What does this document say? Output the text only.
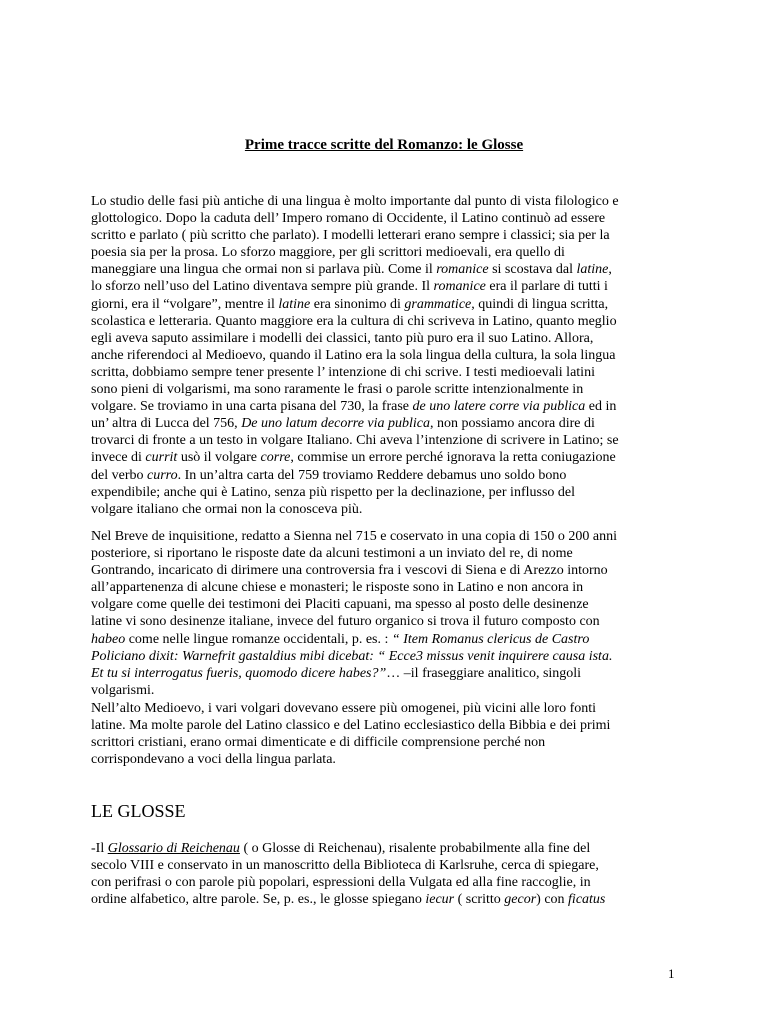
Prime tracce scritte del Romanzo: le Glosse
Lo studio delle fasi più antiche di una lingua è molto importante dal punto di vista filologico e
glottologico. Dopo la caduta dell’ Impero romano di Occidente, il Latino continuò ad essere
scritto e parlato ( più scritto che parlato). I modelli letterari erano sempre i classici; sia per la
poesia sia per la prosa. Lo sforzo maggiore, per gli scrittori medioevali, era quello di
maneggiare una lingua che ormai non si parlava più. Come il romanice si scostava dal latine,
lo sforzo nell’uso del Latino diventava sempre più grande. Il romanice era il parlare di tutti i
giorni, era il “volgare”, mentre il latine era sinonimo di grammatice, quindi di lingua scritta,
scolastica e letteraria. Quanto maggiore era la cultura di chi scriveva in Latino, quanto meglio
egli aveva saputo assimilare i modelli dei classici, tanto più puro era il suo Latino. Allora,
anche riferendoci al Medioevo, quando il Latino era la sola lingua della cultura, la sola lingua
scritta, dobbiamo sempre tener presente l’ intenzione di chi scrive. I testi medioevali latini
sono pieni di volgarismi, ma sono raramente le frasi o parole scritte intenzionalmente in
volgare. Se troviamo in una carta pisana del 730, la frase de uno latere corre via publica ed in
un’ altra di Lucca del 756, De uno latum decorre via publica, non possiamo ancora dire di
trovarci di fronte a un testo in volgare Italiano. Chi aveva l’intenzione di scrivere in Latino; se
invece di currit usò il volgare corre, commise un errore perché ignorava la retta coniugazione
del verbo curro. In un’altra carta del 759 troviamo Reddere debamus uno soldo bono
expendibile; anche qui è Latino, senza più rispetto per la declinazione, per influsso del
volgare italiano che ormai non la conosceva più.
Nel Breve de inquisitione, redatto a Sienna nel 715 e coservato in una copia di 150 o 200 anni
posteriore, si riportano le risposte date da alcuni testimoni a un inviato del re, di nome
Gontrando, incaricato di dirimere una controversia fra i vescovi di Siena e di Arezzo intorno
all’appartenenza di alcune chiese e monasteri; le risposte sono in Latino e non ancora in
volgare come quelle dei testimoni dei Placiti capuani, ma spesso al posto delle desinenze
latine vi sono desinenze italiane, invece del futuro organico si trova il futuro composto con
habeo come nelle lingue romanze occidentali, p. es. : “ Item Romanus clericus de Castro
Policiano dixit: Warnefrit gastaldius mibi dicebat: “ Ecce3 missus venit inquirere causa ista.
Et tu si interrogatus fueris, quomodo dicere habes?”… –il fraseggiare analitico, singoli
volgarismi.
Nell’alto Medioevo, i vari volgari dovevano essere più omogenei, più vicini alle loro fonti
latine. Ma molte parole del Latino classico e del Latino ecclesiastico della Bibbia e dei primi
scrittori cristiani, erano ormai dimenticate e di difficile comprensione perché non
corrispondevano a voci della lingua parlata.
LE GLOSSE
-Il Glossario di Reichenau ( o Glosse di Reichenau), risalente probabilmente alla fine del
secolo VIII e conservato in un manoscritto della Biblioteca di Karlsruhe, cerca di spiegare,
con perifrasi o con parole più popolari, espressioni della Vulgata ed alla fine raccoglie, in
ordine alfabetico, altre parole. Se, p. es., le glosse spiegano iecur ( scritto gecor) con ficatus
1
